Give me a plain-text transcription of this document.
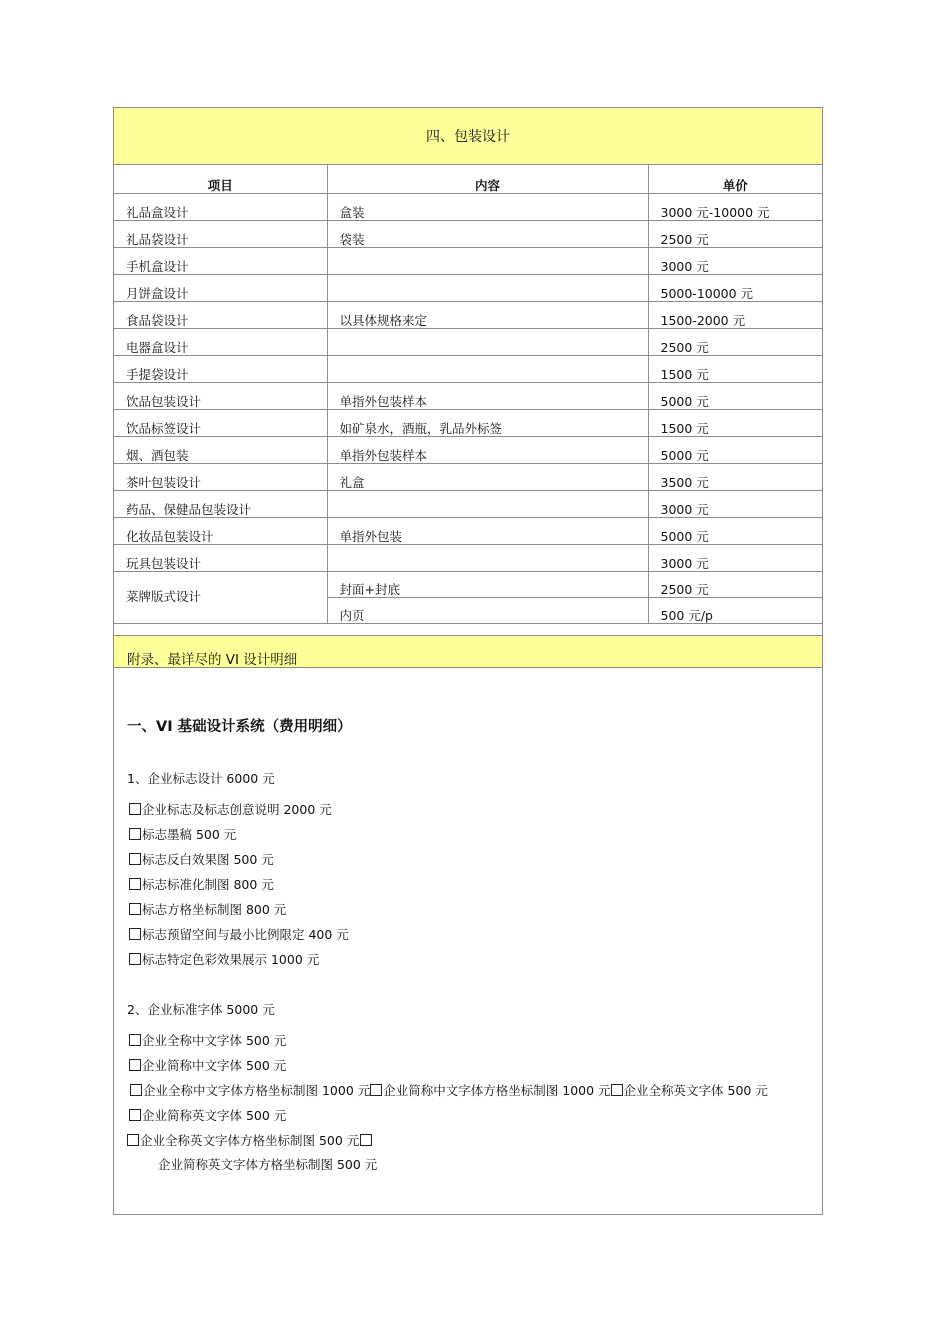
四、包装设计
项目	内容	单价
礼品盒设计	盒装	3000 元-10000 元
礼品袋设计	袋装	2500 元
手机盒设计		3000 元
月饼盒设计		5000-10000 元
食品袋设计	以具体规格来定	1500-2000 元
电器盒设计		2500 元
手提袋设计		1500 元
饮品包装设计	单指外包装样本	5000 元
饮品标签设计	如矿泉水，酒瓶，乳品外标签	1500 元
烟、酒包装	单指外包装样本	5000 元
茶叶包装设计	礼盒	3500 元
药品、保健品包装设计		3000 元
化妆品包装设计	单指外包装	5000 元
玩具包装设计		3000 元
菜牌版式设计	封面+封底	2500 元
	内页	500 元/p
附录、最详尽的 VI 设计明细
一、VI 基础设计系统（费用明细）
1、企业标志设计 6000 元
企业标志及标志创意说明 2000 元
标志墨稿 500 元
标志反白效果图 500 元
标志标准化制图 800 元
标志方格坐标制图 800 元
标志预留空间与最小比例限定 400 元
标志特定色彩效果展示 1000 元
2、企业标准字体 5000 元
企业全称中文字体 500 元
企业简称中文字体 500 元
企业全称中文字体方格坐标制图 1000 元 企业简称中文字体方格坐标制图 1000 元 企业全称英文字体 500 元
企业简称英文字体 500 元
企业全称英文字体方格坐标制图 500 元
企业简称英文字体方格坐标制图 500 元
